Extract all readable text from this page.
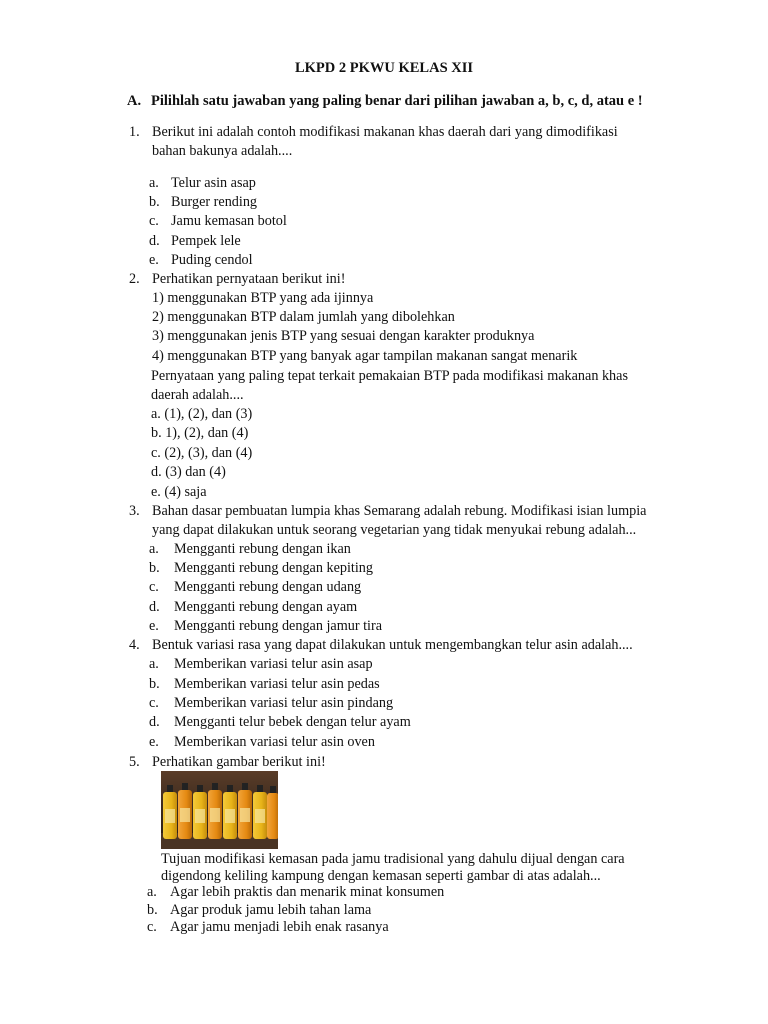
LKPD 2 PKWU KELAS XII
A. Pilihlah satu jawaban yang paling benar dari pilihan jawaban a, b, c, d, atau e !
1. Berikut ini adalah contoh modifikasi makanan khas daerah dari yang dimodifikasi
bahan bakunya adalah....
a. Telur asin asap
b. Burger rending
c. Jamu kemasan botol
d. Pempek lele
e. Puding cendol
2. Perhatikan pernyataan berikut ini!
1) menggunakan BTP yang ada ijinnya
2) menggunakan BTP dalam jumlah yang dibolehkan
3) menggunakan jenis BTP yang sesuai dengan karakter produknya
4) menggunakan BTP yang banyak agar tampilan makanan sangat menarik
Pernyataan yang paling tepat terkait pemakaian BTP pada modifikasi makanan khas
daerah adalah....
a. (1), (2), dan (3)
b. 1), (2), dan (4)
c. (2), (3), dan (4)
d. (3) dan (4)
e. (4) saja
3. Bahan dasar pembuatan lumpia khas Semarang adalah rebung. Modifikasi isian lumpia
yang dapat dilakukan untuk seorang vegetarian yang tidak menyukai rebung adalah...
a. Mengganti rebung dengan ikan
b. Mengganti rebung dengan kepiting
c. Mengganti rebung dengan udang
d. Mengganti rebung dengan ayam
e. Mengganti rebung dengan jamur tira
4. Bentuk variasi rasa yang dapat dilakukan untuk mengembangkan telur asin adalah....
a. Memberikan variasi telur asin asap
b. Memberikan variasi telur asin pedas
c. Memberikan variasi telur asin pindang
d. Mengganti telur bebek dengan telur ayam
e. Memberikan variasi telur asin oven
5. Perhatikan gambar berikut ini!
Tujuan modifikasi kemasan pada jamu tradisional yang dahulu dijual dengan cara
digendong keliling kampung dengan kemasan seperti gambar di atas adalah...
a. Agar lebih praktis dan menarik minat konsumen
b. Agar produk jamu lebih tahan lama
c. Agar jamu menjadi lebih enak rasanya
